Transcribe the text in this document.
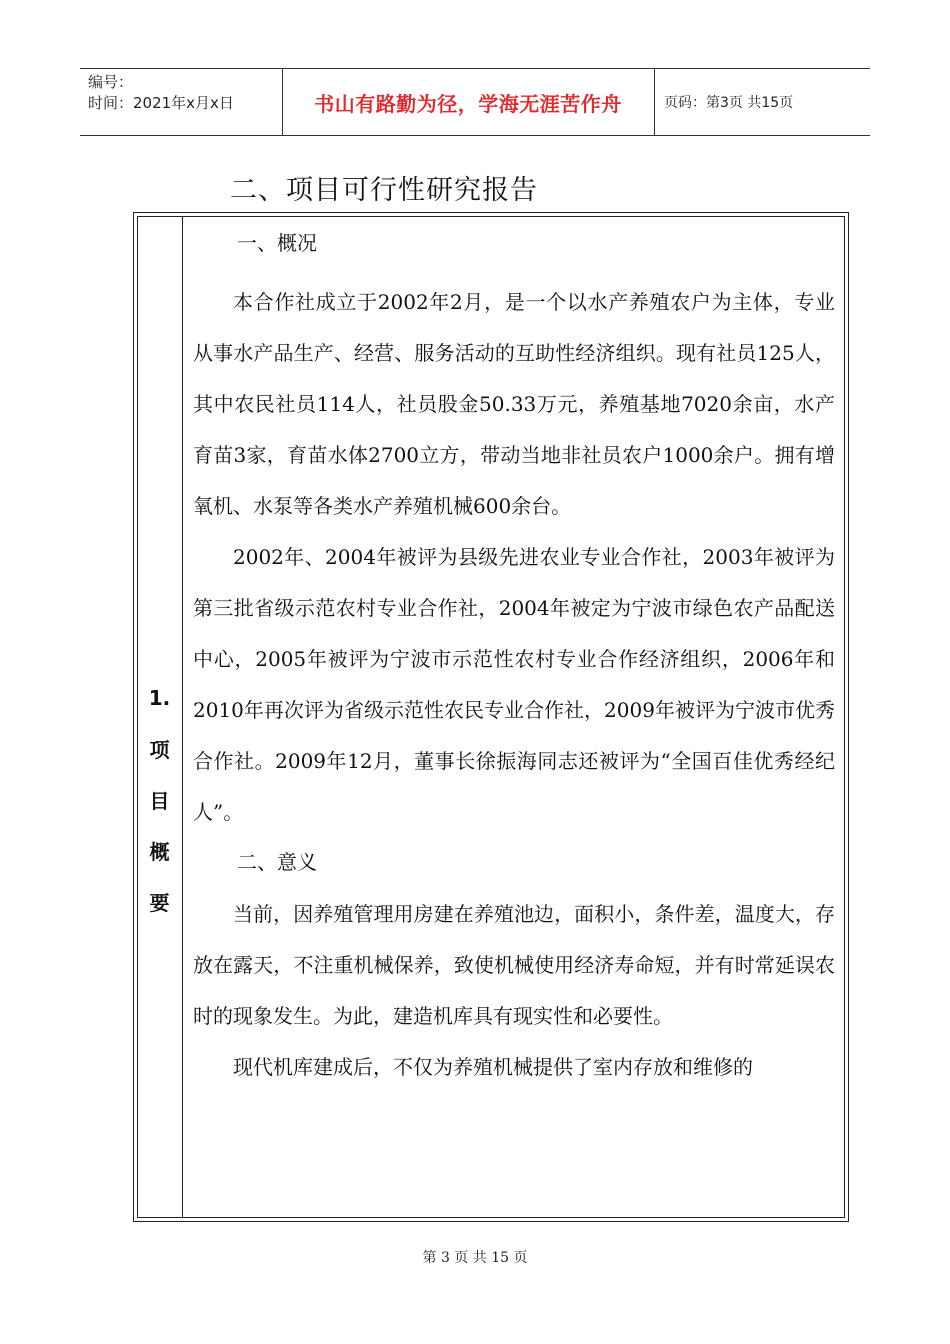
编号：
时间：2021年x月x日	书山有路勤为径，学海无涯苦作舟	页码：第3页 共15页
二、项目可行性研究报告
1.
项
目
概
要
一、概况

本合作社成立于2002年2月，是一个以水产养殖农户为主体，专业从事水产品生产、经营、服务活动的互助性经济组织。现有社员125人，其中农民社员114人，社员股金50.33万元，养殖基地7020余亩，水产育苗3家，育苗水体2700立方，带动当地非社员农户1000余户。拥有增氧机、水泵等各类水产养殖机械600余台。

2002年、2004年被评为县级先进农业专业合作社，2003年被评为第三批省级示范农村专业合作社，2004年被定为宁波市绿色农产品配送中心，2005年被评为宁波市示范性农村专业合作经济组织，2006年和2010年再次评为省级示范性农民专业合作社，2009年被评为宁波市优秀合作社。2009年12月，董事长徐振海同志还被评为“全国百佳优秀经纪人”。

二、意义

当前，因养殖管理用房建在养殖池边，面积小，条件差，温度大，存放在露天，不注重机械保养，致使机械使用经济寿命短，并有时常延误农时的现象发生。为此，建造机库具有现实性和必要性。

现代机库建成后，不仅为养殖机械提供了室内存放和维修的

第 3 页 共 15 页
